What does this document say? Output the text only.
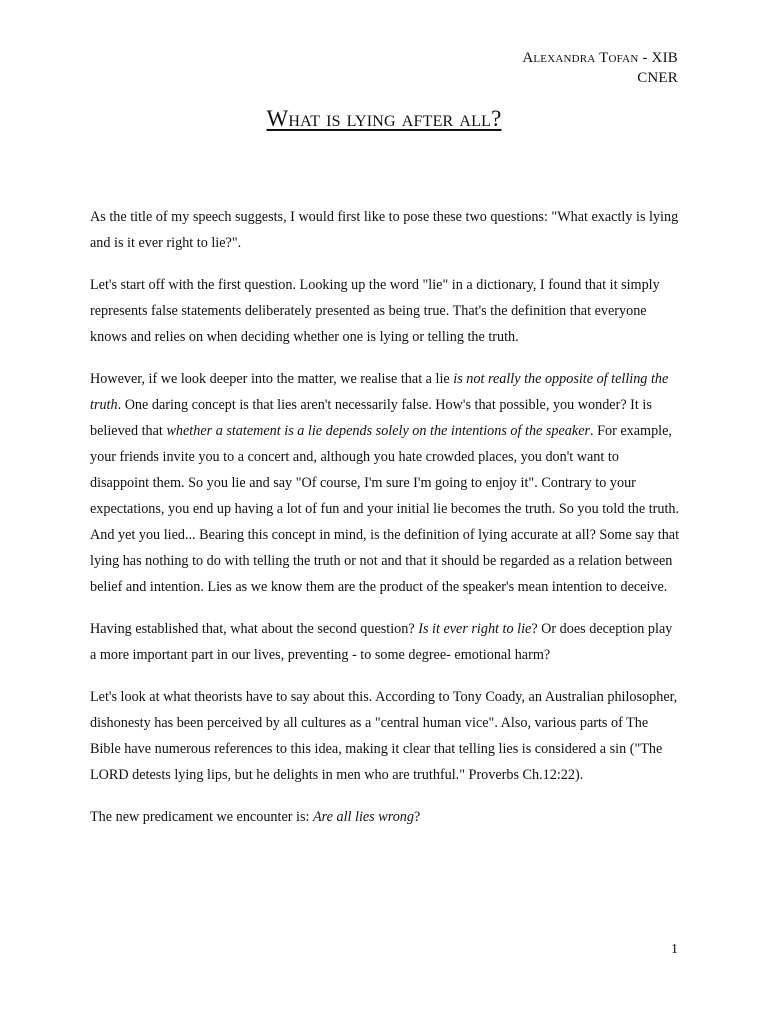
Alexandra Tofan - XIB
CNER
What is lying after all?

As the title of my speech suggests, I would first like to pose these two questions: "What exactly is lying and is it ever right to lie?".

Let's start off with the first question. Looking up the word "lie" in a dictionary, I found that it simply represents false statements deliberately presented as being true. That's the definition that everyone knows and relies on when deciding whether one is lying or telling the truth.

However, if we look deeper into the matter, we realise that a lie is not really the opposite of telling the truth. One daring concept is that lies aren't necessarily false. How's that possible, you wonder? It is believed that whether a statement is a lie depends solely on the intentions of the speaker. For example, your friends invite you to a concert and, although you hate crowded places, you don't want to disappoint them. So you lie and say "Of course, I'm sure I'm going to enjoy it". Contrary to your expectations, you end up having a lot of fun and your initial lie becomes the truth. So you told the truth. And yet you lied... Bearing this concept in mind, is the definition of lying accurate at all? Some say that lying has nothing to do with telling the truth or not and that it should be regarded as a relation between belief and intention. Lies as we know them are the product of the speaker's mean intention to deceive.

Having established that, what about the second question? Is it ever right to lie? Or does deception play a more important part in our lives, preventing - to some degree- emotional harm?

Let's look at what theorists have to say about this. According to Tony Coady, an Australian philosopher, dishonesty has been perceived by all cultures as a "central human vice". Also, various parts of The Bible have numerous references to this idea, making it clear that telling lies is considered a sin ("The LORD detests lying lips, but he delights in men who are truthful." Proverbs Ch.12:22).

The new predicament we encounter is: Are all lies wrong?

1
